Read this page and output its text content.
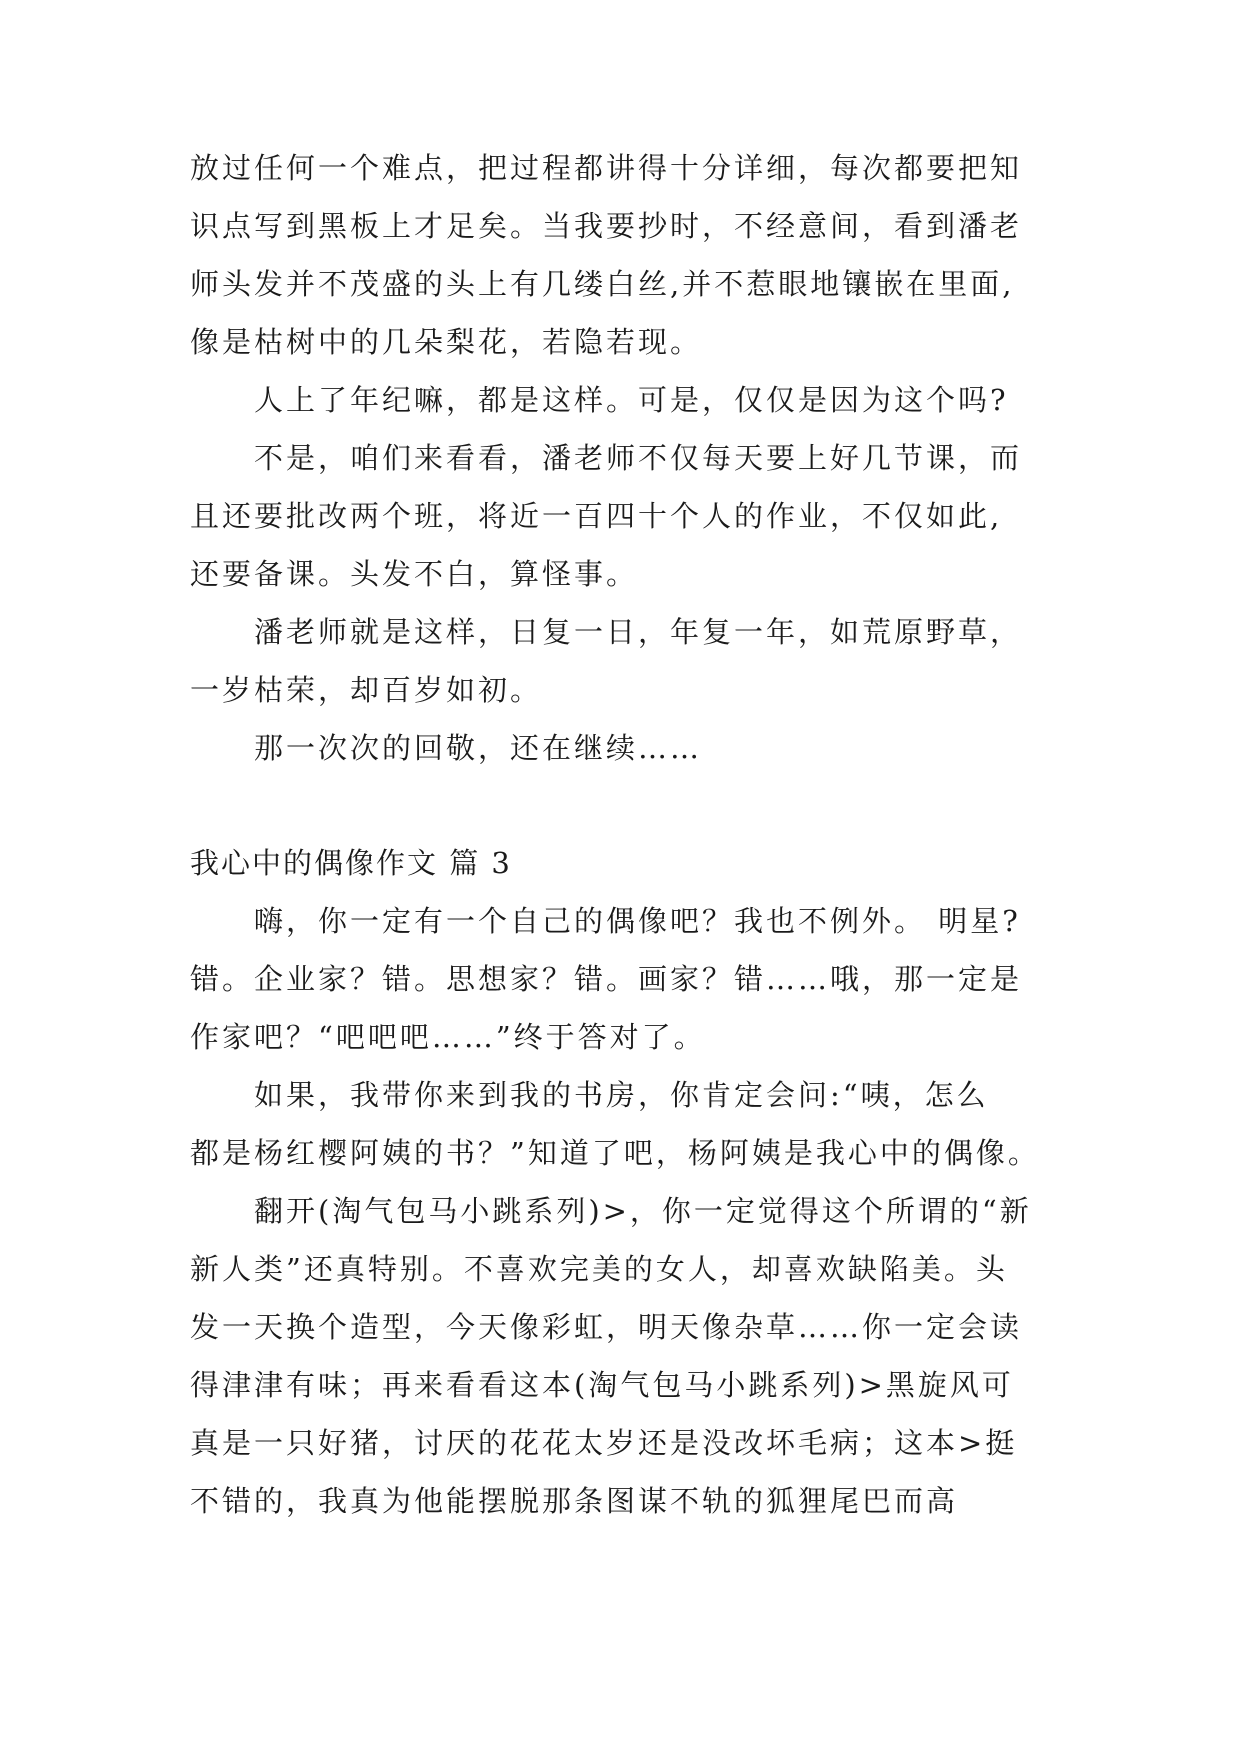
放过任何一个难点，把过程都讲得十分详细，每次都要把知
识点写到黑板上才足矣。当我要抄时，不经意间，看到潘老
师头发并不茂盛的头上有几缕白丝,并不惹眼地镶嵌在里面,
像是枯树中的几朵梨花，若隐若现。
人上了年纪嘛，都是这样。可是，仅仅是因为这个吗?
不是，咱们来看看，潘老师不仅每天要上好几节课，而
且还要批改两个班，将近一百四十个人的作业，不仅如此,
还要备课。头发不白，算怪事。
潘老师就是这样，日复一日，年复一年，如荒原野草，
一岁枯荣，却百岁如初。
那一次次的回敬，还在继续……
我心中的偶像作文 篇 3
嗨，你一定有一个自己的偶像吧？我也不例外。 明星?
错。企业家？错。思想家？错。画家？错……哦，那一定是
作家吧？“吧吧吧……”终于答对了。
如果，我带你来到我的书房，你肯定会问:“咦，怎么
都是杨红樱阿姨的书？”知道了吧，杨阿姨是我心中的偶像。
翻开(淘气包马小跳系列)>，你一定觉得这个所谓的“新
新人类”还真特别。不喜欢完美的女人，却喜欢缺陷美。头
发一天换个造型，今天像彩虹，明天像杂草……你一定会读
得津津有味；再来看看这本(淘气包马小跳系列)>黑旋风可
真是一只好猪，讨厌的花花太岁还是没改坏毛病；这本>挺
不错的，我真为他能摆脱那条图谋不轨的狐狸尾巴而高
